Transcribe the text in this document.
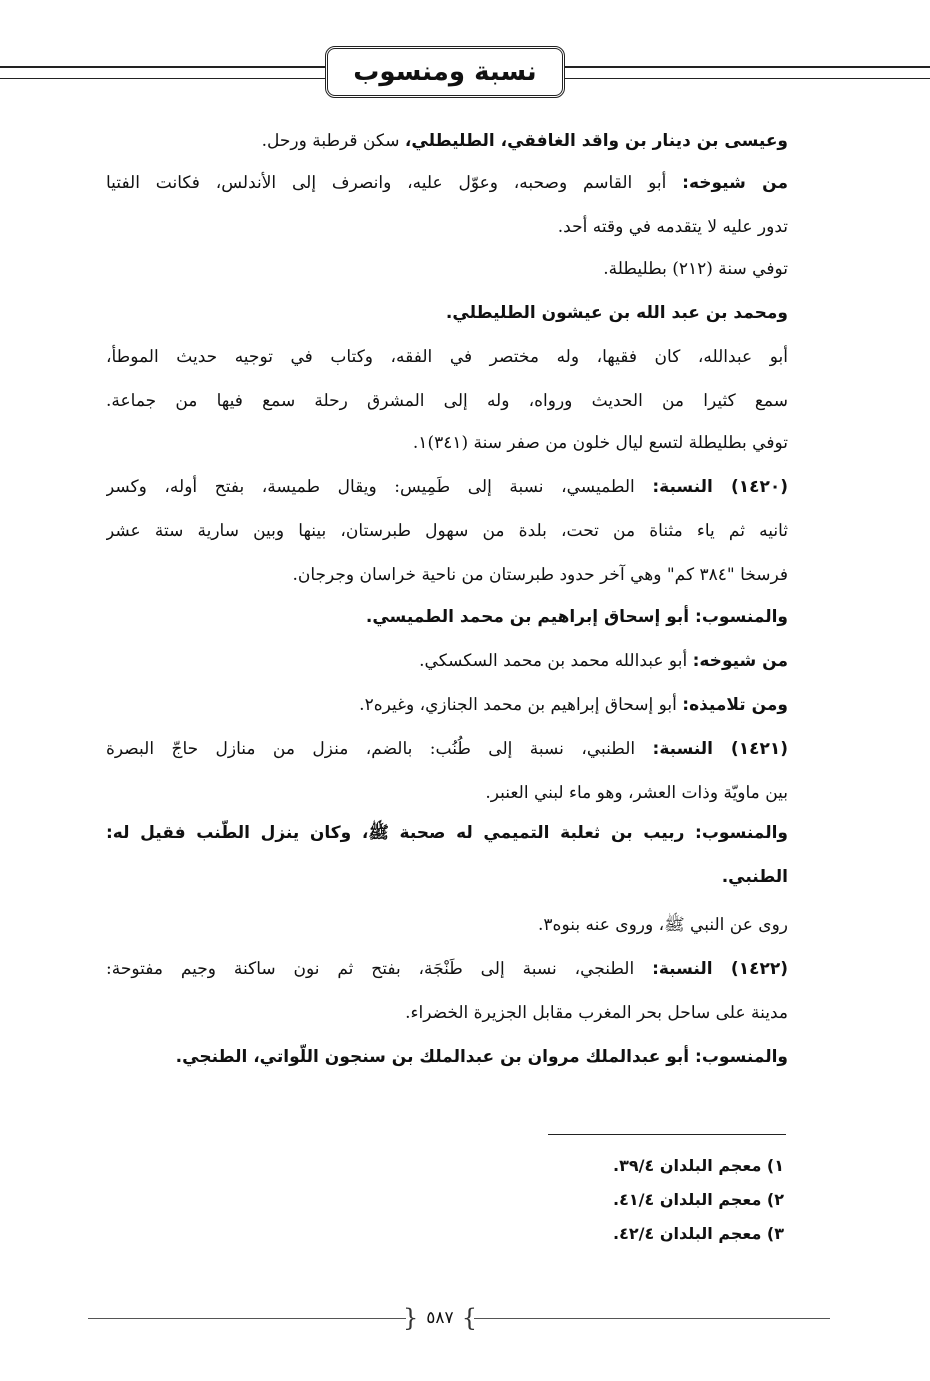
نسبة ومنسوب
وعيسى بن دينار بن واقد الغافقي، الطليطلي، سكن قرطبة ورحل.
من شيوخه: أبو القاسم وصحبه، وعوّل عليه، وانصرف إلى الأندلس، فكانت الفتيا
تدور عليه لا يتقدمه في وقته أحد.
توفي سنة (٢١٢) بطليطلة.
ومحمد بن عبد الله بن عيشون الطليطلي.
أبو عبدالله، كان فقيها، وله مختصر في الفقه، وكتاب في توجيه حديث الموطأ،
سمع كثيرا من الحديث ورواه، وله إلى المشرق رحلة سمع فيها من جماعة.
توفي بطليطلة لتسع ليال خلون من صفر سنة (٣٤١)١.
(١٤٢٠) النسبة: الطميسي، نسبة إلى طَمِيس: ويقال طميسة، بفتح أوله، وكسر
ثانيه ثم ياء مثناة من تحت، بلدة من سهول طبرستان، بينها وبين سارية ستة عشر
فرسخا "٣٨٤ كم" وهي آخر حدود طبرستان من ناحية خراسان وجرجان.
والمنسوب: أبو إسحاق إبراهيم بن محمد الطميسي.
من شيوخه: أبو عبدالله محمد بن محمد السكسكي.
ومن تلاميذه: أبو إسحاق إبراهيم بن محمد الجنازي، وغيره٢.
(١٤٢١) النسبة: الطنبي، نسبة إلى طُنُب: بالضم، منزل من منازل حاجّ البصرة
بين ماويّة وذات العشر، وهو ماء لبني العنبر.
والمنسوب: ربيب بن ثعلبة التميمي له صحبة ﷺ، وكان ينزل الطّنب فقيل له:
الطنبي.
روى عن النبي ﷺ، وروى عنه بنوه٣.
(١٤٢٢) النسبة: الطنجي، نسبة إلى طَنْجَة، بفتح ثم نون ساكنة وجيم مفتوحة:
مدينة على ساحل بحر المغرب مقابل الجزيرة الخضراء.
والمنسوب: أبو عبدالملك مروان بن عبدالملك بن سنجون اللّواتي، الطنجي.
١) معجم البلدان ٣٩/٤.
٢) معجم البلدان ٤١/٤.
٣) معجم البلدان ٤٢/٤.
}
٥٨٧
{
